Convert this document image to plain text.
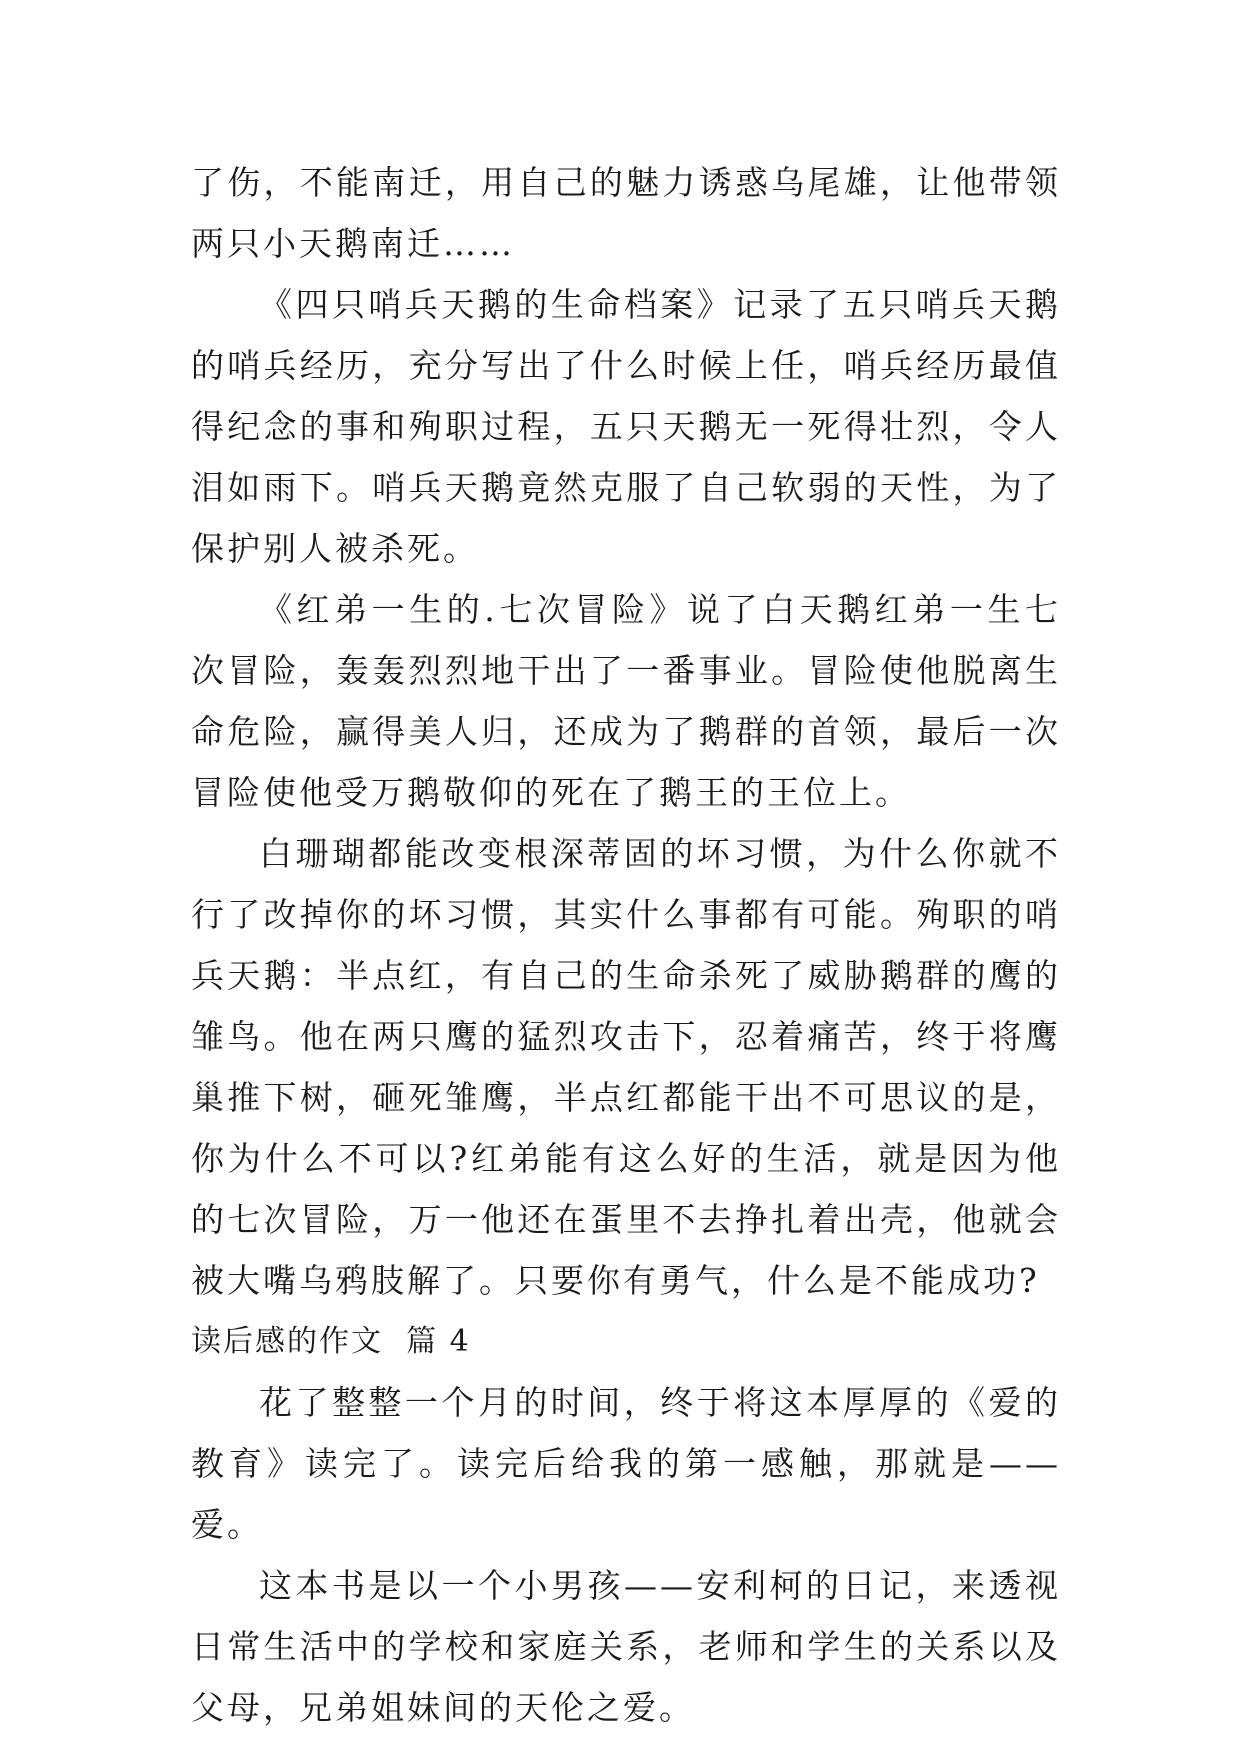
了伤，不能南迁，用自己的魅力诱惑乌尾雄，让他带领两只小天鹅南迁……

《四只哨兵天鹅的生命档案》记录了五只哨兵天鹅的哨兵经历，充分写出了什么时候上任，哨兵经历最值得纪念的事和殉职过程，五只天鹅无一死得壮烈，令人泪如雨下。哨兵天鹅竟然克服了自己软弱的天性，为了保护别人被杀死。

《红弟一生的.七次冒险》说了白天鹅红弟一生七次冒险，轰轰烈烈地干出了一番事业。冒险使他脱离生命危险，赢得美人归，还成为了鹅群的首领，最后一次冒险使他受万鹅敬仰的死在了鹅王的王位上。

白珊瑚都能改变根深蒂固的坏习惯，为什么你就不行了改掉你的坏习惯，其实什么事都有可能。殉职的哨兵天鹅：半点红，有自己的生命杀死了威胁鹅群的鹰的雏鸟。他在两只鹰的猛烈攻击下，忍着痛苦，终于将鹰巢推下树，砸死雏鹰，半点红都能干出不可思议的是，你为什么不可以?红弟能有这么好的生活，就是因为他的七次冒险，万一他还在蛋里不去挣扎着出壳，他就会被大嘴乌鸦肢解了。只要你有勇气，什么是不能成功?

读后感的作文  篇 4

花了整整一个月的时间，终于将这本厚厚的《爱的教育》读完了。读完后给我的第一感触，那就是——爱。

这本书是以一个小男孩——安利柯的日记，来透视日常生活中的学校和家庭关系，老师和学生的关系以及父母，兄弟姐妹间的天伦之爱。
